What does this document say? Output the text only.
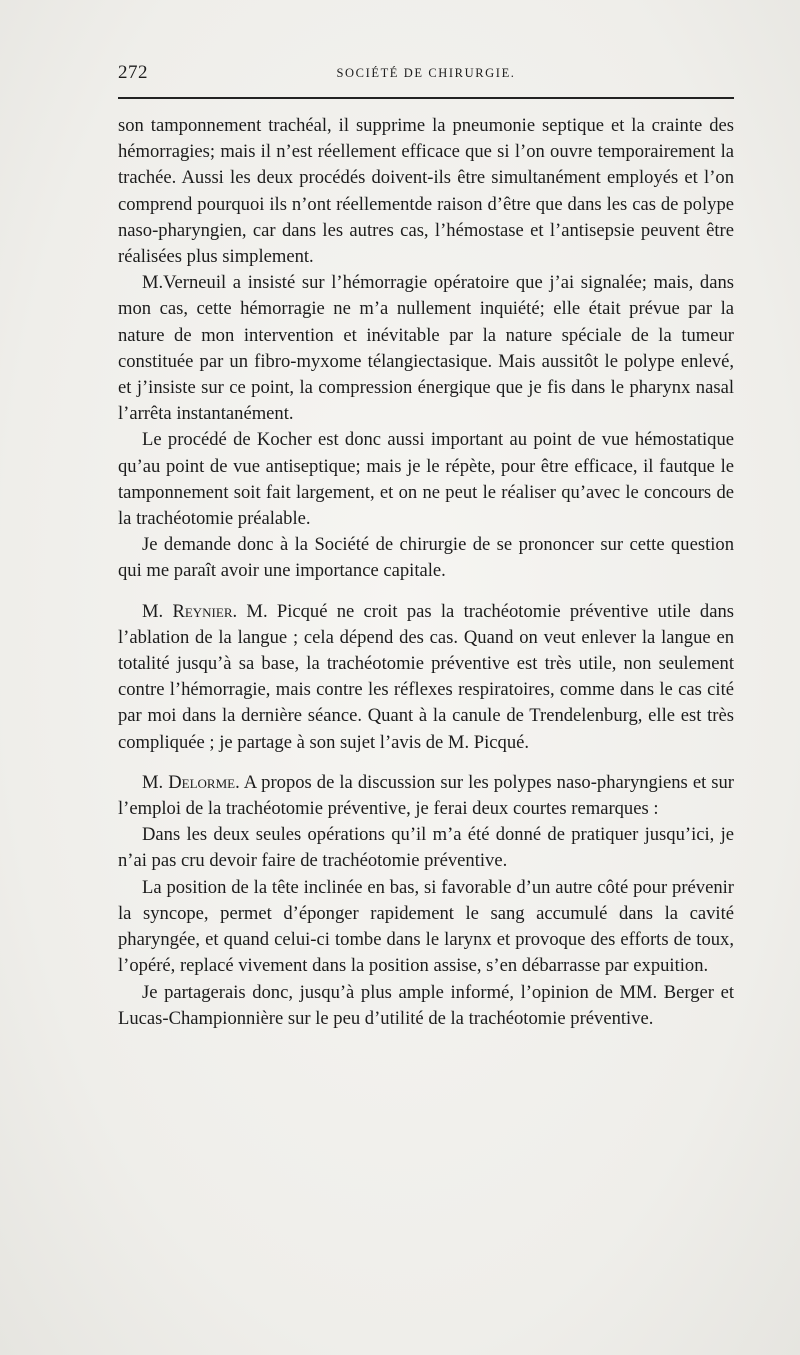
272	SOCIÉTÉ DE CHIRURGIE.

son tamponnement trachéal, il supprime la pneumonie septique et la crainte des hémorragies; mais il n’est réellement efficace que si l’on ouvre temporairement la trachée. Aussi les deux procédés doivent-ils être simultanément employés et l’on comprend pourquoi ils n’ont réellementde raison d’être que dans les cas de polype naso-pharyngien, car dans les autres cas, l’hémostase et l’antisepsie peuvent être réalisées plus simplement.

M.Verneuil a insisté sur l’hémorragie opératoire que j’ai signalée; mais, dans mon cas, cette hémorragie ne m’a nullement inquiété; elle était prévue par la nature de mon intervention et inévitable par la nature spéciale de la tumeur constituée par un fibro-myxome télangiectasique. Mais aussitôt le polype enlevé, et j’insiste sur ce point, la compression énergique que je fis dans le pharynx nasal l’arrêta instantanément.

Le procédé de Kocher est donc aussi important au point de vue hémostatique qu’au point de vue antiseptique; mais je le répète, pour être efficace, il fautque le tamponnement soit fait largement, et on ne peut le réaliser qu’avec le concours de la trachéotomie préalable.

Je demande donc à la Société de chirurgie de se prononcer sur cette question qui me paraît avoir une importance capitale.

M. Reynier. M. Picqué ne croit pas la trachéotomie préventive utile dans l’ablation de la langue ; cela dépend des cas. Quand on veut enlever la langue en totalité jusqu’à sa base, la trachéotomie préventive est très utile, non seulement contre l’hémorragie, mais contre les réflexes respiratoires, comme dans le cas cité par moi dans la dernière séance. Quant à la canule de Trendelenburg, elle est très compliquée ; je partage à son sujet l’avis de M. Picqué.

M. Delorme. A propos de la discussion sur les polypes naso-pharyngiens et sur l’emploi de la trachéotomie préventive, je ferai deux courtes remarques :

Dans les deux seules opérations qu’il m’a été donné de pratiquer jusqu’ici, je n’ai pas cru devoir faire de trachéotomie préventive.

La position de la tête inclinée en bas, si favorable d’un autre côté pour prévenir la syncope, permet d’éponger rapidement le sang accumulé dans la cavité pharyngée, et quand celui-ci tombe dans le larynx et provoque des efforts de toux, l’opéré, replacé vivement dans la position assise, s’en débarrasse par expuition.

Je partagerais donc, jusqu’à plus ample informé, l’opinion de MM. Berger et Lucas-Championnière sur le peu d’utilité de la trachéotomie préventive.
